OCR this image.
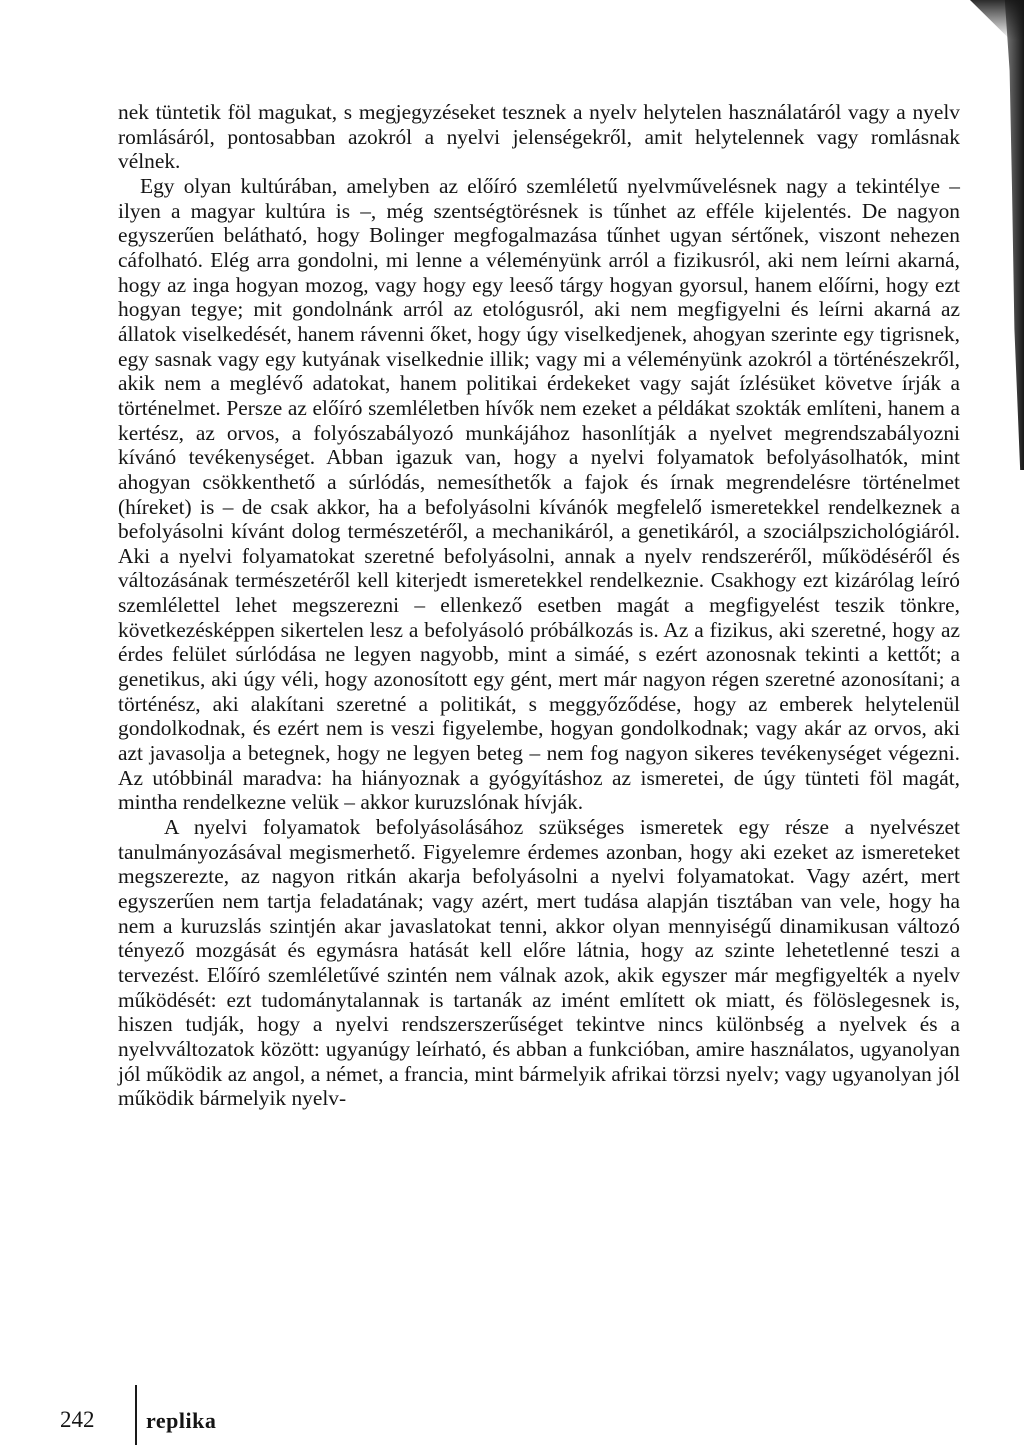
nek tüntetik föl magukat, s megjegyzéseket tesznek a nyelv helytelen használatáról vagy a nyelv romlásáról, pontosabban azokról a nyelvi jelenségekről, amit helytelennek vagy romlásnak vélnek.

Egy olyan kultúrában, amelyben az előíró szemléletű nyelvművelésnek nagy a tekintélye – ilyen a magyar kultúra is –, még szentségtörésnek is tűnhet az efféle kijelentés. De nagyon egyszerűen belátható, hogy Bolinger megfogalmazása tűnhet ugyan sértőnek, viszont nehezen cáfolható. Elég arra gondolni, mi lenne a véleményünk arról a fizikusról, aki nem leírni akarná, hogy az inga hogyan mozog, vagy hogy egy leeső tárgy hogyan gyorsul, hanem előírni, hogy ezt hogyan tegye; mit gondolnánk arról az etológusról, aki nem megfigyelni és leírni akarná az állatok viselkedését, hanem rávenni őket, hogy úgy viselkedjenek, ahogyan szerinte egy tigrisnek, egy sasnak vagy egy kutyának viselkednie illik; vagy mi a véleményünk azokról a történészekről, akik nem a meglévő adatokat, hanem politikai érdekeket vagy saját ízlésüket követve írják a történelmet. Persze az előíró szemléletben hívők nem ezeket a példákat szokták említeni, hanem a kertész, az orvos, a folyószabályozó munkájához hasonlítják a nyelvet megrendszabályozni kívánó tevékenységet. Abban igazuk van, hogy a nyelvi folyamatok befolyásolhatók, mint ahogyan csökkenthető a súrlódás, nemesíthetők a fajok és írnak megrendelésre történelmet (híreket) is – de csak akkor, ha a befolyásolni kívánók megfelelő ismeretekkel rendelkeznek a befolyásolni kívánt dolog természetéről, a mechanikáról, a genetikáról, a szociálpszichológiáról. Aki a nyelvi folyamatokat szeretné befolyásolni, annak a nyelv rendszeréről, működéséről és változásának természetéről kell kiterjedt ismeretekkel rendelkeznie. Csakhogy ezt kizárólag leíró szemlélettel lehet megszerezni – ellenkező esetben magát a megfigyelést teszik tönkre, következésképpen sikertelen lesz a befolyásoló próbálkozás is. Az a fizikus, aki szeretné, hogy az érdes felület súrlódása ne legyen nagyobb, mint a simáé, s ezért azonosnak tekinti a kettőt; a genetikus, aki úgy véli, hogy azonosított egy gént, mert már nagyon régen szeretné azonosítani; a történész, aki alakítani szeretné a politikát, s meggyőződése, hogy az emberek helytelenül gondolkodnak, és ezért nem is veszi figyelembe, hogyan gondolkodnak; vagy akár az orvos, aki azt javasolja a betegnek, hogy ne legyen beteg – nem fog nagyon sikeres tevékenységet végezni. Az utóbbinál maradva: ha hiányoznak a gyógyításhoz az ismeretei, de úgy tünteti föl magát, mintha rendelkezne velük – akkor kuruzslónak hívják.

A nyelvi folyamatok befolyásolásához szükséges ismeretek egy része a nyelvészet tanulmányozásával megismerhető. Figyelemre érdemes azonban, hogy aki ezeket az ismereteket megszerezte, az nagyon ritkán akarja befolyásolni a nyelvi folyamatokat. Vagy azért, mert egyszerűen nem tartja feladatának; vagy azért, mert tudása alapján tisztában van vele, hogy ha nem a kuruzslás szintjén akar javaslatokat tenni, akkor olyan mennyiségű dinamikusan változó tényező mozgását és egymásra hatását kell előre látnia, hogy az szinte lehetetlenné teszi a tervezést. Előíró szemléletűvé szintén nem válnak azok, akik egyszer már megfigyelték a nyelv működését: ezt tudománytalannak is tartanák az imént említett ok miatt, és fölöslegesnek is, hiszen tudják, hogy a nyelvi rendszerszerűséget tekintve nincs különbség a nyelvek és a nyelvváltozatok között: ugyanúgy leírható, és abban a funkcióban, amire használatos, ugyanolyan jól működik az angol, a német, a francia, mint bármelyik afrikai törzsi nyelv; vagy ugyanolyan jól működik bármelyik nyelv-

242 replika
